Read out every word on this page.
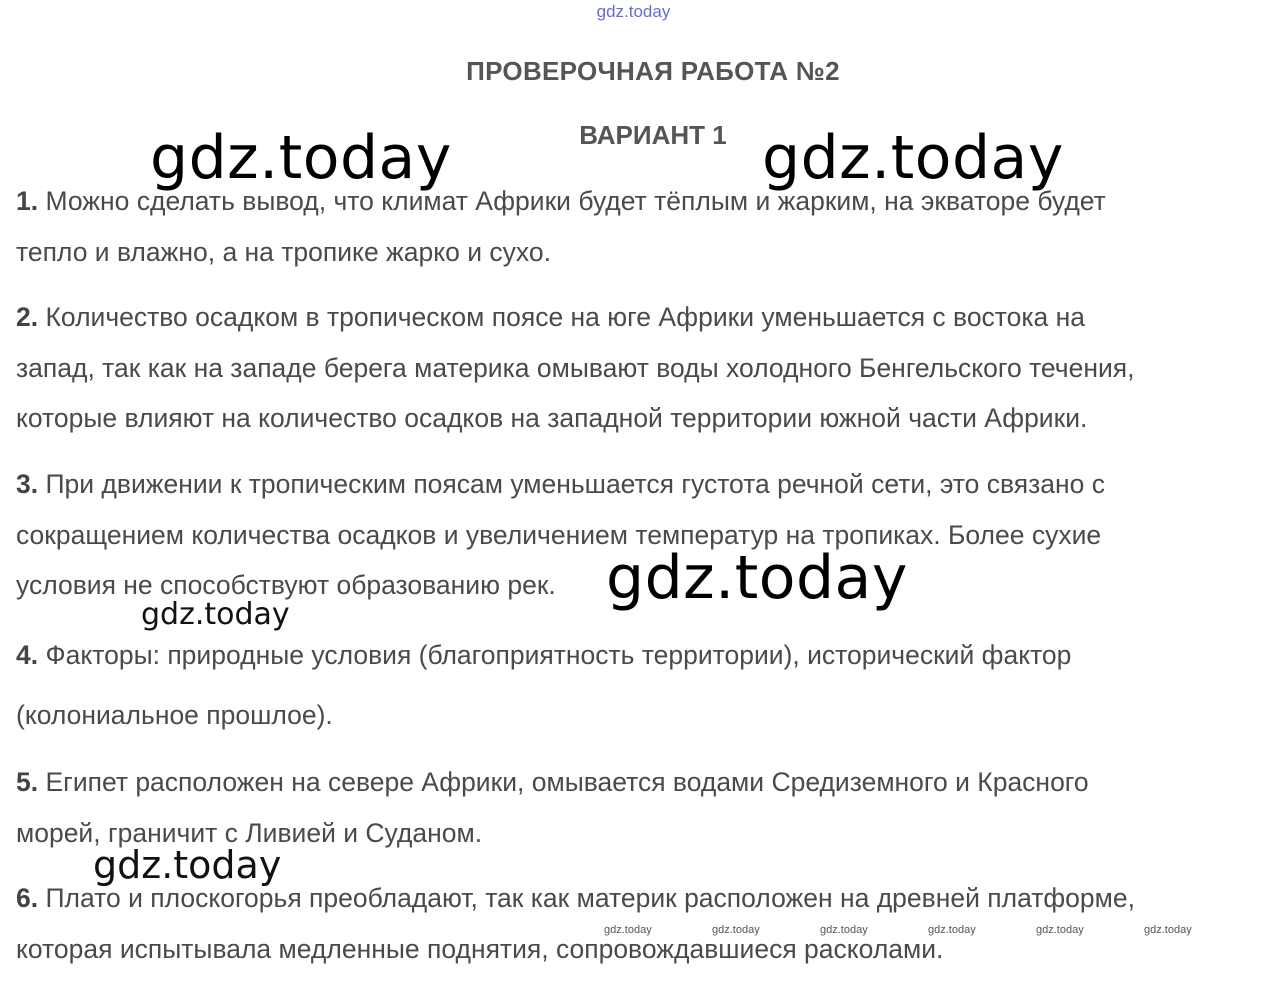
gdz.today
ПРОВЕРОЧНАЯ РАБОТА №2
ВАРИАНТ 1
1. Можно сделать вывод, что климат Африки будет тёплым и жарким, на экваторе будет
тепло и влажно, а на тропике жарко и сухо.
2. Количество осадком в тропическом поясе на юге Африки уменьшается с востока на
запад, так как на западе берега материка омывают воды холодного Бенгельского течения,
которые влияют на количество осадков на западной территории южной части Африки.
3. При движении к тропическим поясам уменьшается густота речной сети, это связано с
сокращением количества осадков и увеличением температур на тропиках. Более сухие
условия не способствуют образованию рек.
4. Факторы: природные условия (благоприятность территории), исторический фактор
(колониальное прошлое).
5. Египет расположен на севере Африки, омывается водами Средиземного и Красного
морей, граничит с Ливией и Суданом.
6. Плато и плоскогорья преобладают, так как материк расположен на древней платформе,
которая испытывала медленные поднятия, сопровождавшиеся расколами.
gdz.today	gdz.today
gdz.today
gdz.today
gdz.today
gdz.today	gdz.today	gdz.today	gdz.today	gdz.today	gdz.today
